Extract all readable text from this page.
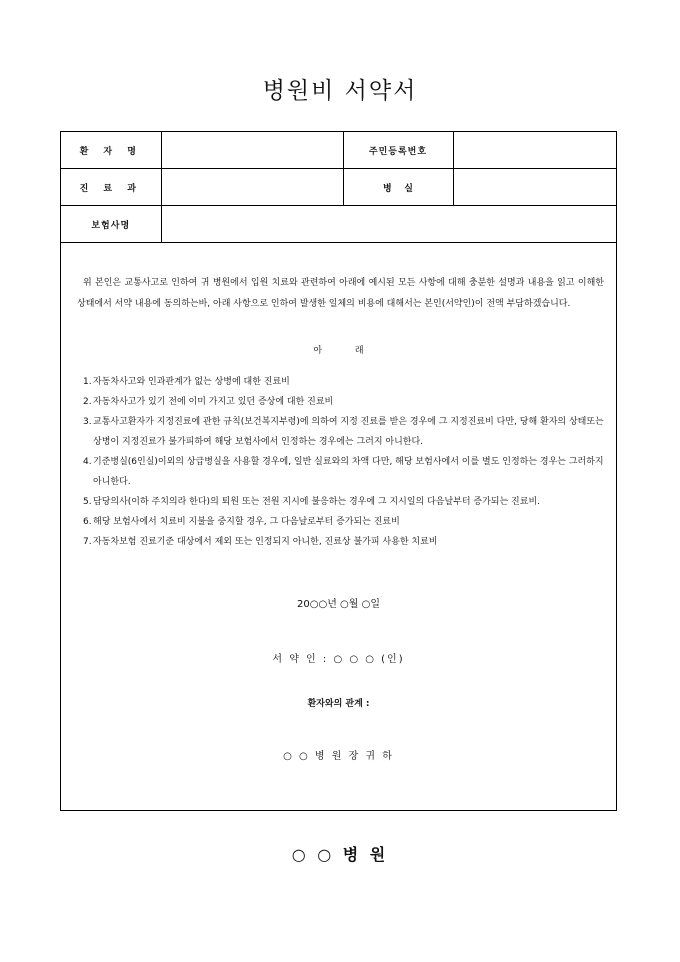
병원비 서약서
환 자 명		주민등록번호	
진 료 과		병    실	
보험사명			

위 본인은 교통사고로 인하여 귀 병원에서 입원 치료와 관련하여 아래에 예시된 모든 사항에 대해 충분한 설명과 내용을 읽고 이해한 상태에서 서약 내용에 동의하는바, 아래 사항으로 인하여 발생한 일체의 비용에 대해서는 본인(서약인)이 전액 부담하겠습니다.

아 래
1. 자동차사고와 인과관계가 없는 상병에 대한 진료비
2. 자동차사고가 있기 전에 이미 가지고 있던 증상에 대한 진료비
3. 교통사고환자가 지정진료에 관한 규칙(보건복지부령)에 의하여 지정 진료를 받은 경우에 그 지정진료비 다만, 당해 환자의 상태또는 상병이 지정진료가 불가피하여 해당 보험사에서 인정하는 경우에는 그러지 아니한다.
4. 기준병실(6인실)이외의 상급병실을 사용할 경우에, 일반 실료와의 차액 다만, 해당 보험사에서 이를 별도 인정하는 경우는 그러하지 아니한다.
5. 담당의사(이하 주치의라 한다)의 퇴원 또는 전원 지시에 불응하는 경우에 그 지시일의 다음날부터 증가되는 진료비.
6. 해당 보험사에서 치료비 지불을 중지할 경우, 그 다음날로부터 증가되는 진료비
7. 자동차보험 진료기준 대상에서 제외 또는 인정되지 아니한, 진료상 불가피 사용한 치료비
20○○년 ○월 ○일
서 약 인 : ○ ○ ○ (인)
환자와의 관계 :
○ ○ 병 원 장 귀 하

○ ○ 병 원
